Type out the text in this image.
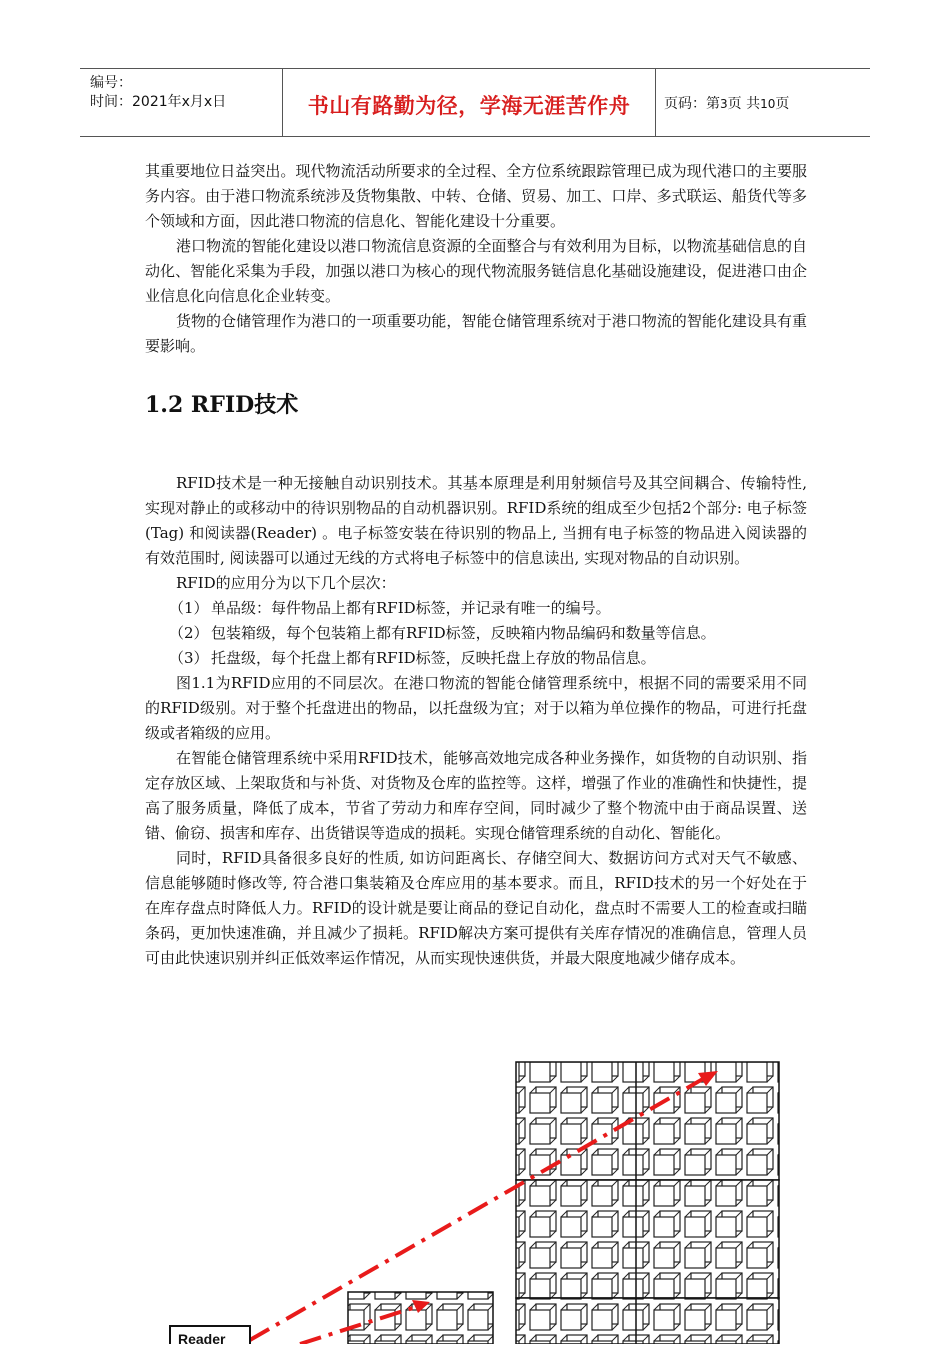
编号：
时间：2021年x月x日	书山有路勤为径，学海无涯苦作舟	页码：第3页 共10页

其重要地位日益突出。现代物流活动所要求的全过程、全方位系统跟踪管理已成为现代港口的主要服务内容。由于港口物流系统涉及货物集散、中转、仓储、贸易、加工、口岸、多式联运、船货代等多个领域和方面，因此港口物流的信息化、智能化建设十分重要。

港口物流的智能化建设以港口物流信息资源的全面整合与有效利用为目标，以物流基础信息的自动化、智能化采集为手段，加强以港口为核心的现代物流服务链信息化基础设施建设，促进港口由企业信息化向信息化企业转变。

货物的仓储管理作为港口的一项重要功能，智能仓储管理系统对于港口物流的智能化建设具有重要影响。

1.2 RFID技术

RFID技术是一种无接触自动识别技术。其基本原理是利用射频信号及其空间耦合、传输特性, 实现对静止的或移动中的待识别物品的自动机器识别。RFID系统的组成至少包括2个部分: 电子标签(Tag) 和阅读器(Reader) 。电子标签安装在待识别的物品上, 当拥有电子标签的物品进入阅读器的有效范围时, 阅读器可以通过无线的方式将电子标签中的信息读出, 实现对物品的自动识别。

RFID的应用分为以下几个层次：

（1） 单品级：每件物品上都有RFID标签，并记录有唯一的编号。

（2） 包装箱级，每个包装箱上都有RFID标签，反映箱内物品编码和数量等信息。

（3） 托盘级，每个托盘上都有RFID标签，反映托盘上存放的物品信息。

图1.1为RFID应用的不同层次。在港口物流的智能仓储管理系统中，根据不同的需要采用不同的RFID级别。对于整个托盘进出的物品，以托盘级为宜；对于以箱为单位操作的物品，可进行托盘级或者箱级的应用。

在智能仓储管理系统中采用RFID技术，能够高效地完成各种业务操作，如货物的自动识别、指定存放区域、上架取货和与补货、对货物及仓库的监控等。这样，增强了作业的准确性和快捷性，提高了服务质量，降低了成本，节省了劳动力和库存空间，同时减少了整个物流中由于商品误置、送错、偷窃、损害和库存、出货错误等造成的损耗。实现仓储管理系统的自动化、智能化。

同时，RFID具备很多良好的性质, 如访问距离长、存储空间大、数据访问方式对天气不敏感、信息能够随时修改等, 符合港口集装箱及仓库应用的基本要求。而且，RFID技术的另一个好处在于在库存盘点时降低人力。RFID的设计就是要让商品的登记自动化，盘点时不需要人工的检查或扫瞄条码，更加快速准确，并且减少了损耗。RFID解决方案可提供有关库存情况的准确信息，管理人员可由此快速识别并纠正低效率运作情况，从而实现快速供货，并最大限度地减少储存成本。

Reader
